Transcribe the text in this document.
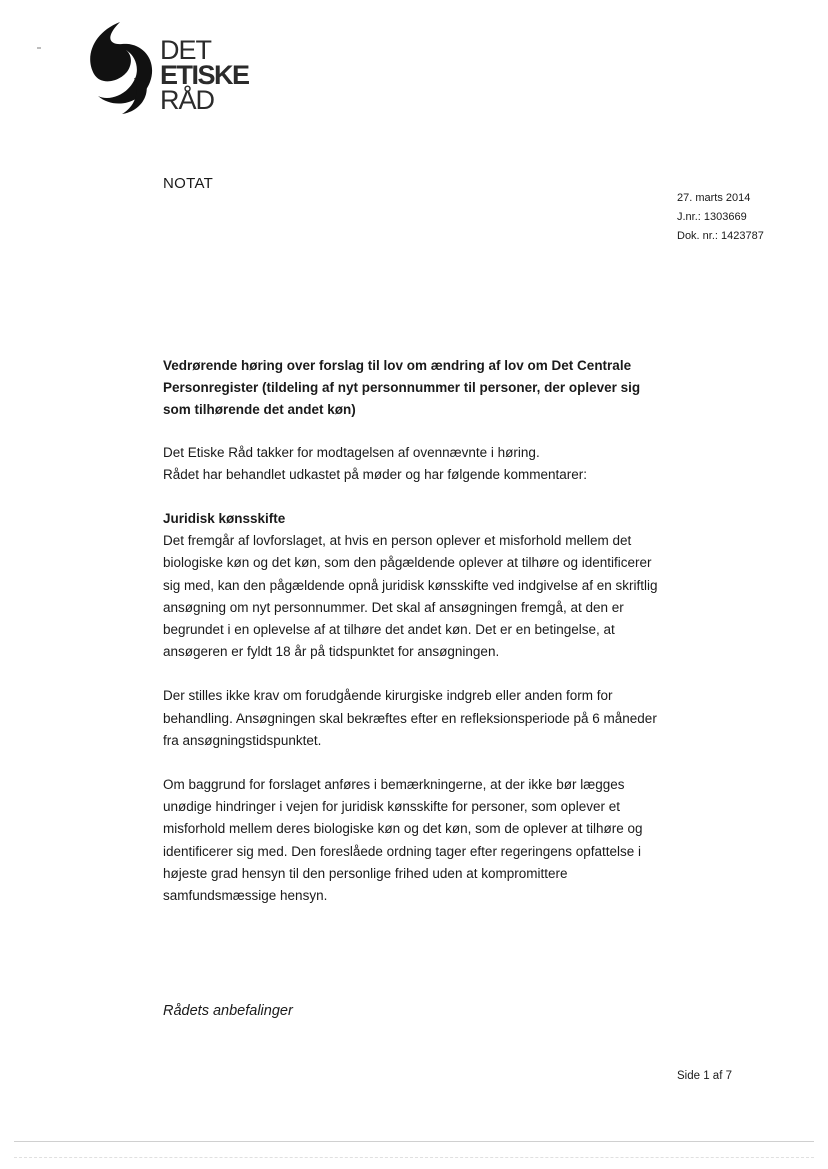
DET
ETISKE
RÅD
NOTAT
27. marts 2014
J.nr.: 1303669
Dok. nr.: 1423787

Vedrørende høring over forslag til lov om ændring af lov om Det Centrale Personregister (tildeling af nyt personnummer til personer, der oplever sig som tilhørende det andet køn)

Det Etiske Råd takker for modtagelsen af ovennævnte i høring.

Rådet har behandlet udkastet på møder og har følgende kommentarer:

Juridisk kønsskifte

Det fremgår af lovforslaget, at hvis en person oplever et misforhold mellem det biologiske køn og det køn, som den pågældende oplever at tilhøre og identificerer sig med, kan den pågældende opnå juridisk kønsskifte ved indgivelse af en skriftlig ansøgning om nyt personnummer. Det skal af ansøgningen fremgå, at den er begrundet i en oplevelse af at tilhøre det andet køn. Det er en betingelse, at ansøgeren er fyldt 18 år på tidspunktet for ansøgningen.

Der stilles ikke krav om forudgående kirurgiske indgreb eller anden form for behandling. Ansøgningen skal bekræftes efter en refleksionsperiode på 6 måneder fra ansøgningstidspunktet.

Om baggrund for forslaget anføres i bemærkningerne, at der ikke bør lægges unødige hindringer i vejen for juridisk kønsskifte for personer, som oplever et misforhold mellem deres biologiske køn og det køn, som de oplever at tilhøre og identificerer sig med. Den foreslåede ordning tager efter regeringens opfattelse i højeste grad hensyn til den personlige frihed uden at kompromittere samfundsmæssige hensyn.

Rådets anbefalinger
Side 1 af 7
